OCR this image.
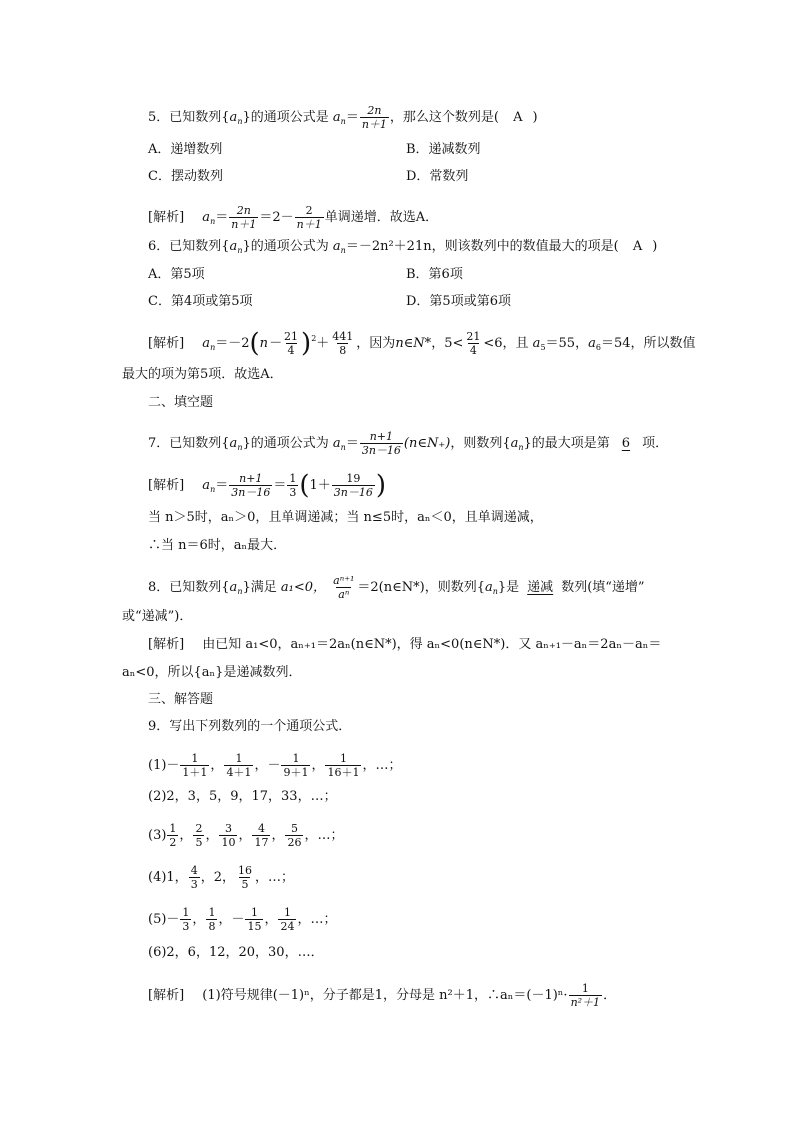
5．已知数列$\{a_n\}$的通项公式是 $a_n= \frac{2n}{n+1}$ ，那么这个数列是( A )
A．递增数列	B．递减数列
C．摆动数列	D．常数列
[解析] $a_n= \frac{2n}{n+1} =2- \frac{2}{n+1}$ 单调递增．故选A．
6．已知数列$\{a_n\}$的通项公式为 $a_n=-2n^2+21n$，则该数列中的数值最大的项是( A )
A．第5项	B．第6项
C．第4项或第5项	D．第5项或第6项
[解析] $a_n=-2(n- \frac{21}{4} )^2+ \frac{441}{8}$ ，因为n∈N*，$5< \frac{21}{4} <6$，且 $a_5=55$，$a_6=54$，所以数值
最大的项为第5项．故选A．
二、填空题
7．已知数列$\{a_n\}$的通项公式为 $a_n= \frac{n+1}{3n-16}$ (n∈N₊)，则数列$\{a_n\}$的最大项是第 6 项．
[解析] $a_n= \frac{n+1}{3n-16} = \frac{1}{3} (1+ \frac{19}{3n-16}$ )
当 n＞5时，aₙ＞0，且单调递减；当 n≤5时，aₙ＜0，且单调递减，
∴当 n＝6时，aₙ最大．
8．已知数列$\{a_n\}$满足 a₁<0， $\frac{\text{aⁿ⁺¹}}{\text{aⁿ}}$ ＝2(n∈N*)，则数列$\{a_n\}$是 递减 数列(填“递增”
或“递减”)．
[解析] 由已知 a₁<0，aₙ₊₁＝2aₙ(n∈N*)，得 aₙ<0(n∈N*)．又 aₙ₊₁－aₙ＝2aₙ－aₙ＝
aₙ<0，所以{aₙ}是递减数列．
三、解答题
9．写出下列数列的一个通项公式．
$(1)- \frac{1}{1+1}$ ， $\frac{1}{4+1}$ ，－ $\frac{1}{9+1}$ ， $\frac{1}{16+1}$ ，…；
(2)2，3，5，9，17，33，…；
$(3) \frac{1}{2}$ ， $\frac{2}{5}$ ， $\frac{3}{10}$ ， $\frac{4}{17}$ ， $\frac{5}{26}$ ，…；
(4)1， $\frac{4}{3}$ ，2， $\frac{16}{5}$ ，…；
$(5)- \frac{1}{3}$ ， $\frac{1}{8}$ ，－ $\frac{1}{15}$ ， $\frac{1}{24}$ ，…；
(6)2，6，12，20，30，…．
[解析] (1)符号规律(－1)ⁿ，分子都是1，分母是 n²＋1，∴aₙ＝(－1)ⁿ· $\frac{1}{\text{n²＋1}}$ ．
